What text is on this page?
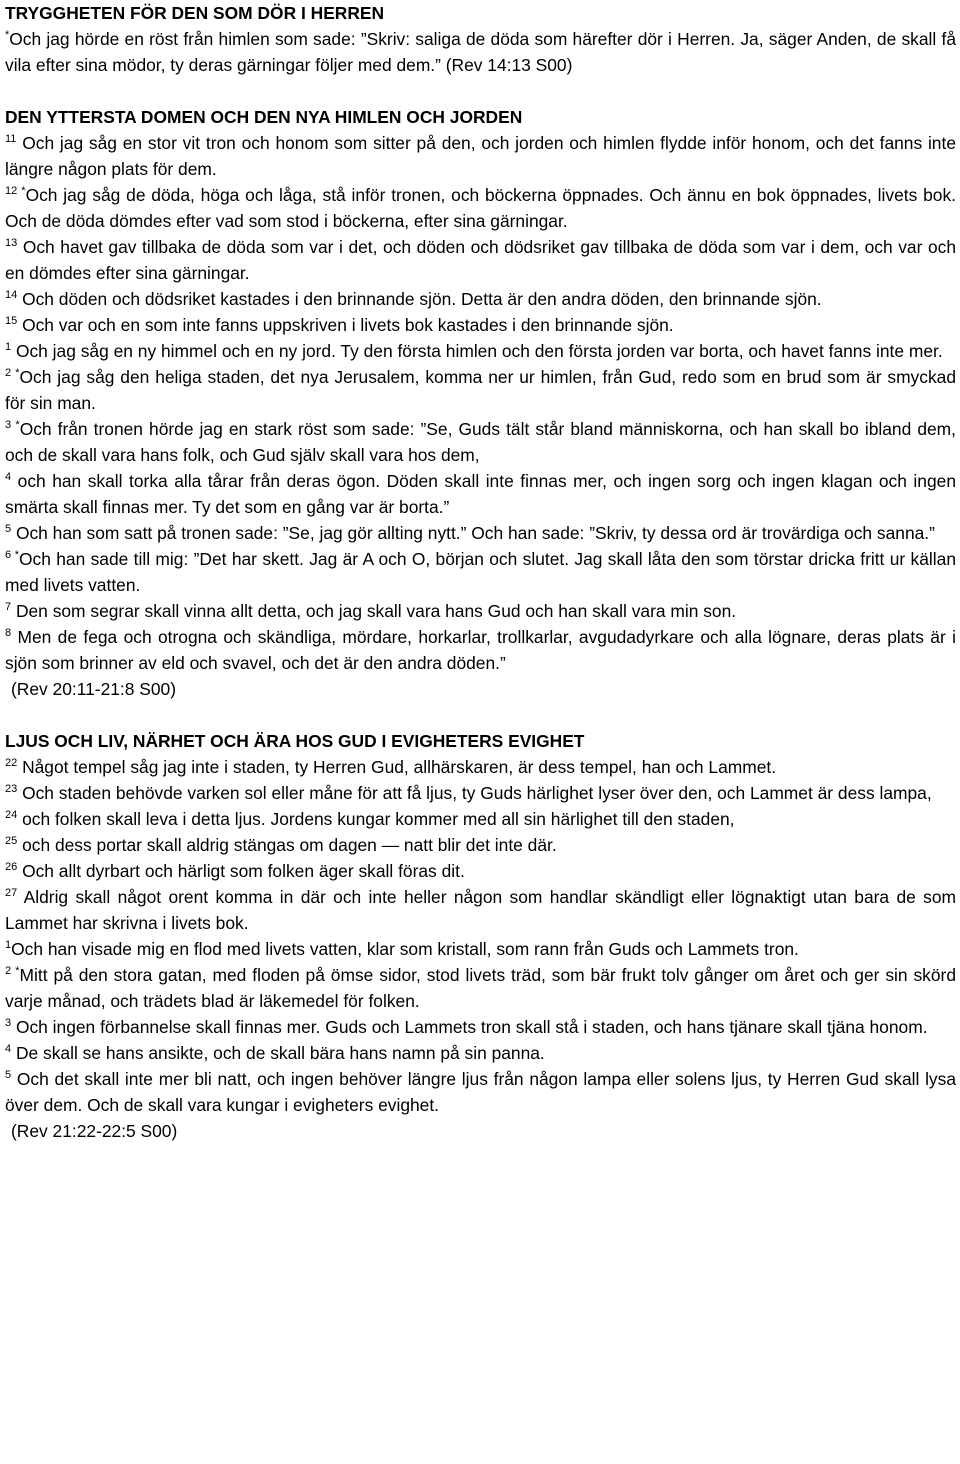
TRYGGHETEN FÖR DEN SOM DÖR I HERREN

*Och jag hörde en röst från himlen som sade: ”Skriv: saliga de döda som härefter dör i Herren. Ja, säger Anden, de skall få vila efter sina mödor, ty deras gärningar följer med dem.” (Rev 14:13 S00)

DEN YTTERSTA DOMEN OCH DEN NYA HIMLEN OCH JORDEN

$^{11}$ Och jag såg en stor vit tron och honom som sitter på den, och jorden och himlen flydde inför honom, och det fanns inte längre någon plats för dem.

$^{12 *}$Och jag såg de döda, höga och låga, stå inför tronen, och böckerna öppnades. Och ännu en bok öppnades, livets bok. Och de döda dömdes efter vad som stod i böckerna, efter sina gärningar.

$^{13}$ Och havet gav tillbaka de döda som var i det, och döden och dödsriket gav tillbaka de döda som var i dem, och var och en dömdes efter sina gärningar.

$^{14}$ Och döden och dödsriket kastades i den brinnande sjön. Detta är den andra döden, den brinnande sjön.

$^{15}$ Och var och en som inte fanns uppskriven i livets bok kastades i den brinnande sjön.

$^1$ Och jag såg en ny himmel och en ny jord. Ty den första himlen och den första jorden var borta, och havet fanns inte mer.

$^{2 *}$Och jag såg den heliga staden, det nya Jerusalem, komma ner ur himlen, från Gud, redo som en brud som är smyckad för sin man.

$^{3 *}$Och från tronen hörde jag en stark röst som sade: ”Se, Guds tält står bland människorna, och han skall bo ibland dem, och de skall vara hans folk, och Gud själv skall vara hos dem,
$^4$ och han skall torka alla tårar från deras ögon. Döden skall inte finnas mer, och ingen sorg och ingen klagan och ingen smärta skall finnas mer. Ty det som en gång var är borta.”

$^5$ Och han som satt på tronen sade: ”Se, jag gör allting nytt.” Och han sade: ”Skriv, ty dessa ord är trovärdiga och sanna.”

$^{6 *}$Och han sade till mig: ”Det har skett. Jag är A och O, början och slutet. Jag skall låta den som törstar dricka fritt ur källan med livets vatten.

$^7$ Den som segrar skall vinna allt detta, och jag skall vara hans Gud och han skall vara min son.

$^8$ Men de fega och otrogna och skändliga, mördare, horkarlar, trollkarlar, avgudadyrkare och alla lögnare, deras plats är i sjön som brinner av eld och svavel, och det är den andra döden.”

(Rev 20:11-21:8 S00)
LJUS OCH LIV, NÄRHET OCH ÄRA HOS GUD I EVIGHETERS EVIGHET

$^{22}$ Något tempel såg jag inte i staden, ty Herren Gud, allhärskaren, är dess tempel, han och Lammet.

$^{23}$ Och staden behövde varken sol eller måne för att få ljus, ty Guds härlighet lyser över den, och Lammet är dess lampa,

$^{24}$ och folken skall leva i detta ljus. Jordens kungar kommer med all sin härlighet till den staden,

$^{25}$ och dess portar skall aldrig stängas om dagen — natt blir det inte där.

$^{26}$ Och allt dyrbart och härligt som folken äger skall föras dit.

$^{27}$ Aldrig skall något orent komma in där och inte heller någon som handlar skändligt eller lögnaktigt utan bara de som Lammet har skrivna i livets bok.

$^1$Och han visade mig en flod med livets vatten, klar som kristall, som rann från Guds och Lammets tron.

$^{2 *}$Mitt på den stora gatan, med floden på ömse sidor, stod livets träd, som bär frukt tolv gånger om året och ger sin skörd varje månad, och trädets blad är läkemedel för folken.

$^3$ Och ingen förbannelse skall finnas mer. Guds och Lammets tron skall stå i staden, och hans tjänare skall tjäna honom.

$^4$ De skall se hans ansikte, och de skall bära hans namn på sin panna.

$^5$ Och det skall inte mer bli natt, och ingen behöver längre ljus från någon lampa eller solens ljus, ty Herren Gud skall lysa över dem. Och de skall vara kungar i evigheters evighet.

(Rev 21:22-22:5 S00)
